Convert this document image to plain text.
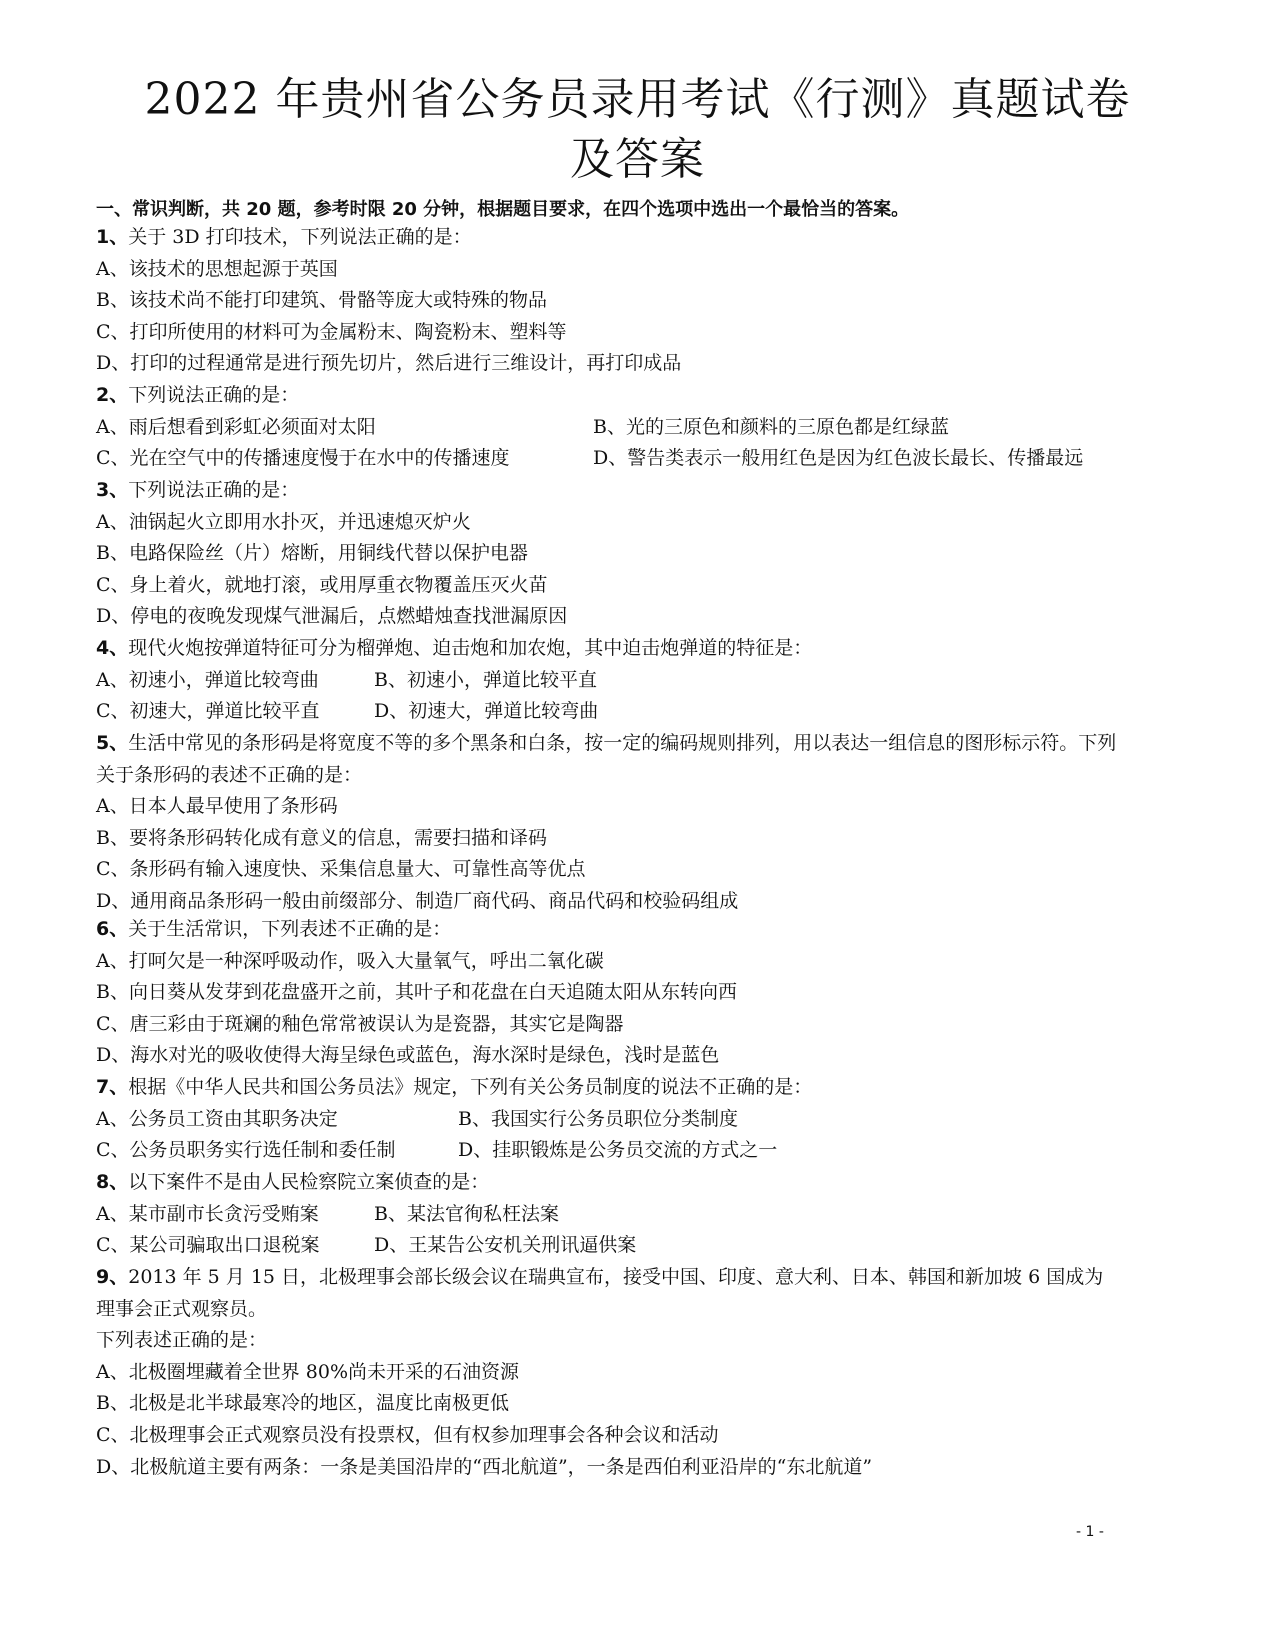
2022 年贵州省公务员录用考试《行测》真题试卷
及答案
一、常识判断，共 20 题，参考时限 20 分钟，根据题目要求，在四个选项中选出一个最恰当的答案。
1、关于 3D 打印技术，下列说法正确的是：
A、该技术的思想起源于英国
B、该技术尚不能打印建筑、骨骼等庞大或特殊的物品
C、打印所使用的材料可为金属粉末、陶瓷粉末、塑料等
D、打印的过程通常是进行预先切片，然后进行三维设计，再打印成品
2、下列说法正确的是：
A、雨后想看到彩虹必须面对太阳	B、光的三原色和颜料的三原色都是红绿蓝
C、光在空气中的传播速度慢于在水中的传播速度	D、警告类表示一般用红色是因为红色波长最长、传播最远
3、下列说法正确的是：
A、油锅起火立即用水扑灭，并迅速熄灭炉火
B、电路保险丝（片）熔断，用铜线代替以保护电器
C、身上着火，就地打滚，或用厚重衣物覆盖压灭火苗
D、停电的夜晚发现煤气泄漏后，点燃蜡烛查找泄漏原因
4、现代火炮按弹道特征可分为榴弹炮、迫击炮和加农炮，其中迫击炮弹道的特征是：
A、初速小，弹道比较弯曲	B、初速小，弹道比较平直
C、初速大，弹道比较平直	D、初速大，弹道比较弯曲
5、生活中常见的条形码是将宽度不等的多个黑条和白条，按一定的编码规则排列，用以表达一组信息的图形标示符。下列关于条形码的表述不正确的是：
A、日本人最早使用了条形码
B、要将条形码转化成有意义的信息，需要扫描和译码
C、条形码有输入速度快、采集信息量大、可靠性高等优点
D、通用商品条形码一般由前缀部分、制造厂商代码、商品代码和校验码组成
6、关于生活常识，下列表述不正确的是：
A、打呵欠是一种深呼吸动作，吸入大量氧气，呼出二氧化碳
B、向日葵从发芽到花盘盛开之前，其叶子和花盘在白天追随太阳从东转向西
C、唐三彩由于斑斓的釉色常常被误认为是瓷器，其实它是陶器
D、海水对光的吸收使得大海呈绿色或蓝色，海水深时是绿色，浅时是蓝色
7、根据《中华人民共和国公务员法》规定，下列有关公务员制度的说法不正确的是：
A、公务员工资由其职务决定	B、我国实行公务员职位分类制度
C、公务员职务实行选任制和委任制	D、挂职锻炼是公务员交流的方式之一
8、以下案件不是由人民检察院立案侦查的是：
A、某市副市长贪污受贿案	B、某法官徇私枉法案
C、某公司骗取出口退税案	D、王某告公安机关刑讯逼供案
9、2013 年 5 月 15 日，北极理事会部长级会议在瑞典宣布，接受中国、印度、意大利、日本、韩国和新加坡 6 国成为理事会正式观察员。
下列表述正确的是：
A、北极圈埋藏着全世界 80%尚未开采的石油资源
B、北极是北半球最寒冷的地区，温度比南极更低
C、北极理事会正式观察员没有投票权，但有权参加理事会各种会议和活动
D、北极航道主要有两条：一条是美国沿岸的“西北航道”，一条是西伯利亚沿岸的“东北航道”
- 1 -
